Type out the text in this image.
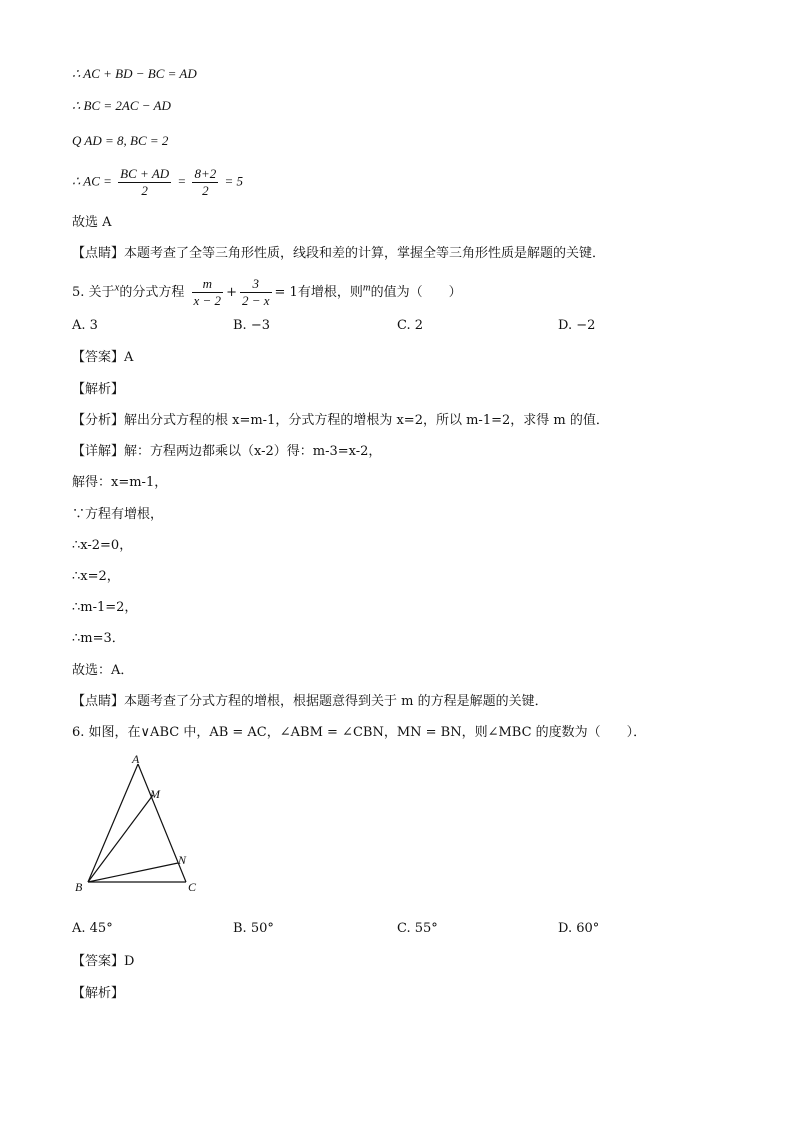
∴ AC + BD − BC = AD
∴ BC = 2AC − AD
Q AD = 8, BC = 2
∴ AC = $\frac{BC + AD}{2} = \frac{8+2}{2} = 5$
故选 A
【点睛】本题考查了全等三角形性质，线段和差的计算，掌握全等三角形性质是解题的关键．
5. 关于$^x$的分式方程 $\frac{m}{x - 2} + \frac{3}{2 - x} = 1$有增根，则$^m$的值为（　　）
A. 3	B. −3	C. 2	D. −2
【答案】A
【解析】
【分析】解出分式方程的根 x=m-1，分式方程的增根为 x=2，所以 m-1=2，求得 m 的值．
【详解】解：方程两边都乘以（x-2）得：m-3=x-2，
解得：x=m-1，
∵方程有增根，
∴x-2=0，
∴x=2，
∴m-1=2，
∴m=3．
故选：A．
【点睛】本题考查了分式方程的增根，根据题意得到关于 m 的方程是解题的关键．
6. 如图，在∨ABC 中，AB = AC，∠ABM = ∠CBN，MN = BN，则∠MBC 的度数为（　　）．
A
M
N
B	C
A. 45°	B. 50°	C. 55°	D. 60°
【答案】D
【解析】
